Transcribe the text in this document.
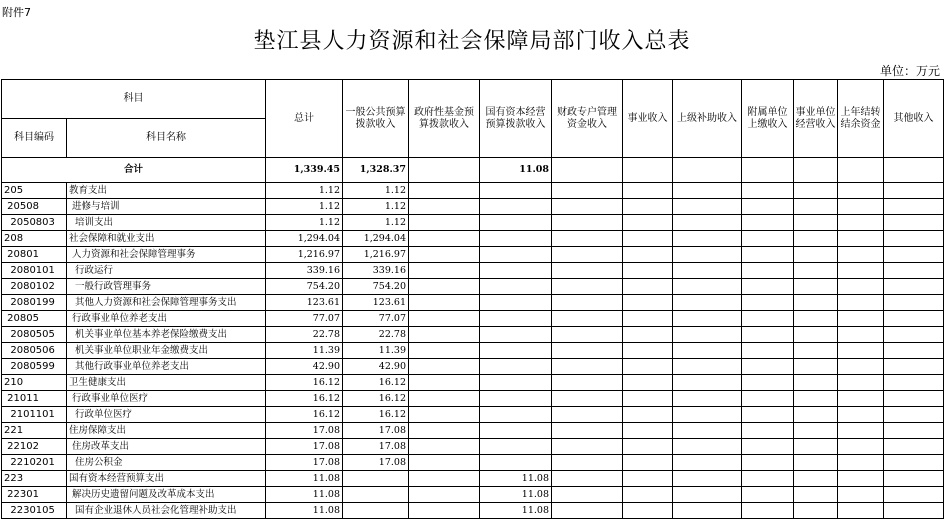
附件7
垫江县人力资源和社会保障局部门收入总表
单位：万元
科目		总计	一般公共预算拨款收入	政府性基金预算拨款收入	国有资本经营预算拨款收入	财政专户管理资金收入	事业收入	上级补助收入	附属单位上缴收入	事业单位经营收入	上年结转结余资金	其他收入
科目编码	科目名称											
合计		1,339.45	1,328.37		11.08							
205	教育支出	1.12	1.12									
20508	进修与培训	1.12	1.12									
2050803	培训支出	1.12	1.12									
208	社会保障和就业支出	1,294.04	1,294.04									
20801	人力资源和社会保障管理事务	1,216.97	1,216.97									
2080101	行政运行	339.16	339.16									
2080102	一般行政管理事务	754.20	754.20									
2080199	其他人力资源和社会保障管理事务支出	123.61	123.61									
20805	行政事业单位养老支出	77.07	77.07									
2080505	机关事业单位基本养老保险缴费支出	22.78	22.78									
2080506	机关事业单位职业年金缴费支出	11.39	11.39									
2080599	其他行政事业单位养老支出	42.90	42.90									
210	卫生健康支出	16.12	16.12									
21011	行政事业单位医疗	16.12	16.12									
2101101	行政单位医疗	16.12	16.12									
221	住房保障支出	17.08	17.08									
22102	住房改革支出	17.08	17.08									
2210201	住房公积金	17.08	17.08									
223	国有资本经营预算支出	11.08			11.08							
22301	解决历史遗留问题及改革成本支出	11.08			11.08							
2230105	国有企业退休人员社会化管理补助支出	11.08			11.08							
